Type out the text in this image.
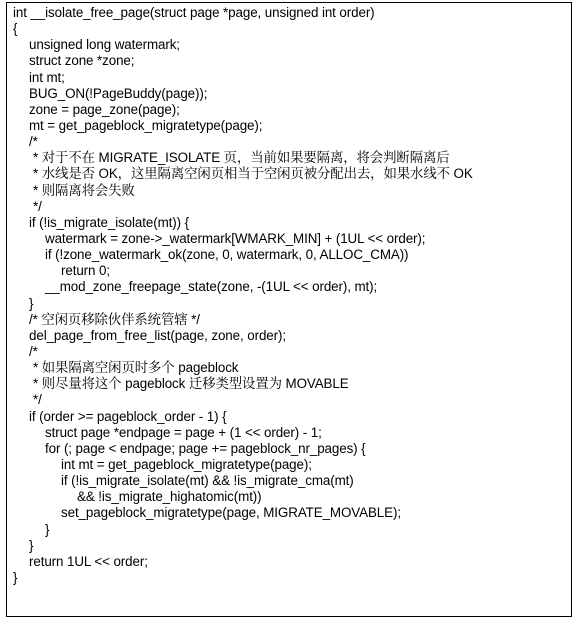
int __isolate_free_page(struct page *page, unsigned int order)
{
unsigned long watermark;
struct zone *zone;
int mt;
BUG_ON(!PageBuddy(page));
zone = page_zone(page);
mt = get_pageblock_migratetype(page);
/*
* 对于不在 MIGRATE_ISOLATE 页，当前如果要隔离，将会判断隔离后
* 水线是否 OK，这里隔离空闲页相当于空闲页被分配出去，如果水线不 OK
* 则隔离将会失败
*/
if (!is_migrate_isolate(mt)) {
watermark = zone->_watermark[WMARK_MIN] + (1UL << order);
if (!zone_watermark_ok(zone, 0, watermark, 0, ALLOC_CMA))
return 0;
__mod_zone_freepage_state(zone, -(1UL << order), mt);
}
/* 空闲页移除伙伴系统管辖 */
del_page_from_free_list(page, zone, order);
/*
* 如果隔离空闲页时多个 pageblock
* 则尽量将这个 pageblock 迁移类型设置为 MOVABLE
*/
if (order >= pageblock_order - 1) {
struct page *endpage = page + (1 << order) - 1;
for (; page < endpage; page += pageblock_nr_pages) {
int mt = get_pageblock_migratetype(page);
if (!is_migrate_isolate(mt) && !is_migrate_cma(mt)
&& !is_migrate_highatomic(mt))
set_pageblock_migratetype(page, MIGRATE_MOVABLE);
}
}
return 1UL << order;
}
